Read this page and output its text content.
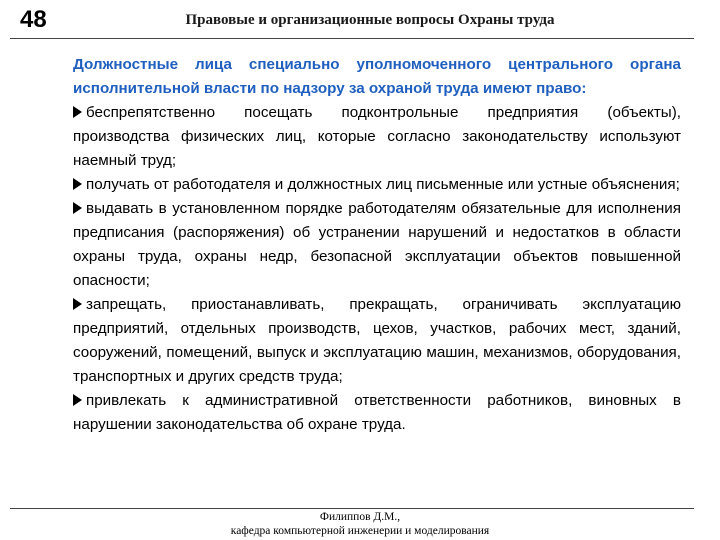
48	Правовые и организационные вопросы Охраны труда

Должностные лица специально уполномоченного центрального органа исполнительной власти по надзору за охраной труда имеют право:

беспрепятственно посещать подконтрольные предприятия (объекты), производства физических лиц, которые согласно законодательству используют наемный труд;
получать от работодателя и должностных лиц письменные или устные объяснения;
выдавать в установленном порядке работодателям обязательные для исполнения предписания (распоряжения) об устранении нарушений и недостатков в области охраны труда, охраны недр, безопасной эксплуатации объектов повышенной опасности;
запрещать, приостанавливать, прекращать, ограничивать эксплуатацию предприятий, отдельных производств, цехов, участков, рабочих мест, зданий, сооружений, помещений, выпуск и эксплуатацию машин, механизмов, оборудования, транспортных и других средств труда;
привлекать к административной ответственности работников, виновных в нарушении законодательства об охране труда.
Филиппов Д.М.,
кафедра компьютерной инженерии и моделирования
